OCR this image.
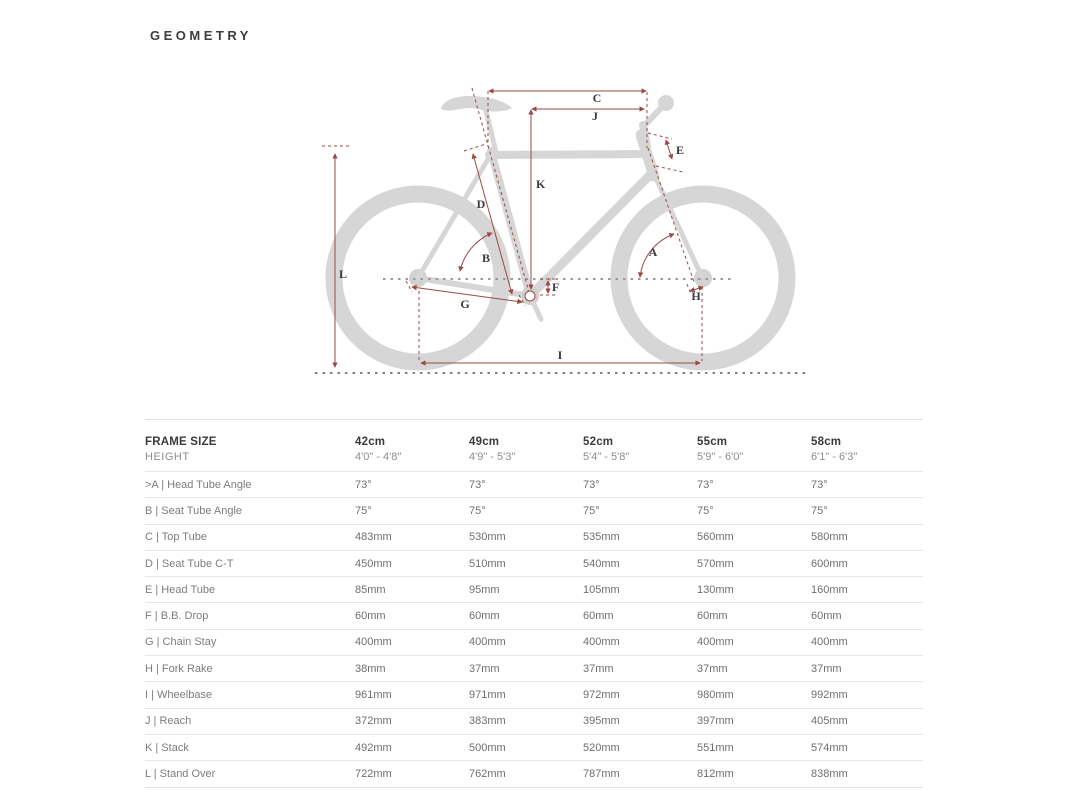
GEOMETRY
C
J
K
D
B	A
L
G
F
H
I
E
FRAME SIZE	42cm	49cm	52cm	55cm	58cm
HEIGHT	4'0" - 4'8"	4'9" - 5'3"	5'4" - 5'8"	5'9" - 6'0"	6'1" - 6'3"
>A | Head Tube Angle	73°	73°	73°	73°	73°
B | Seat Tube Angle	75°	75°	75°	75°	75°
C | Top Tube	483mm	530mm	535mm	560mm	580mm
D | Seat Tube C-T	450mm	510mm	540mm	570mm	600mm
E | Head Tube	85mm	95mm	105mm	130mm	160mm
F | B.B. Drop	60mm	60mm	60mm	60mm	60mm
G | Chain Stay	400mm	400mm	400mm	400mm	400mm
H | Fork Rake	38mm	37mm	37mm	37mm	37mm
I | Wheelbase	961mm	971mm	972mm	980mm	992mm
J | Reach	372mm	383mm	395mm	397mm	405mm
K | Stack	492mm	500mm	520mm	551mm	574mm
L | Stand Over	722mm	762mm	787mm	812mm	838mm
